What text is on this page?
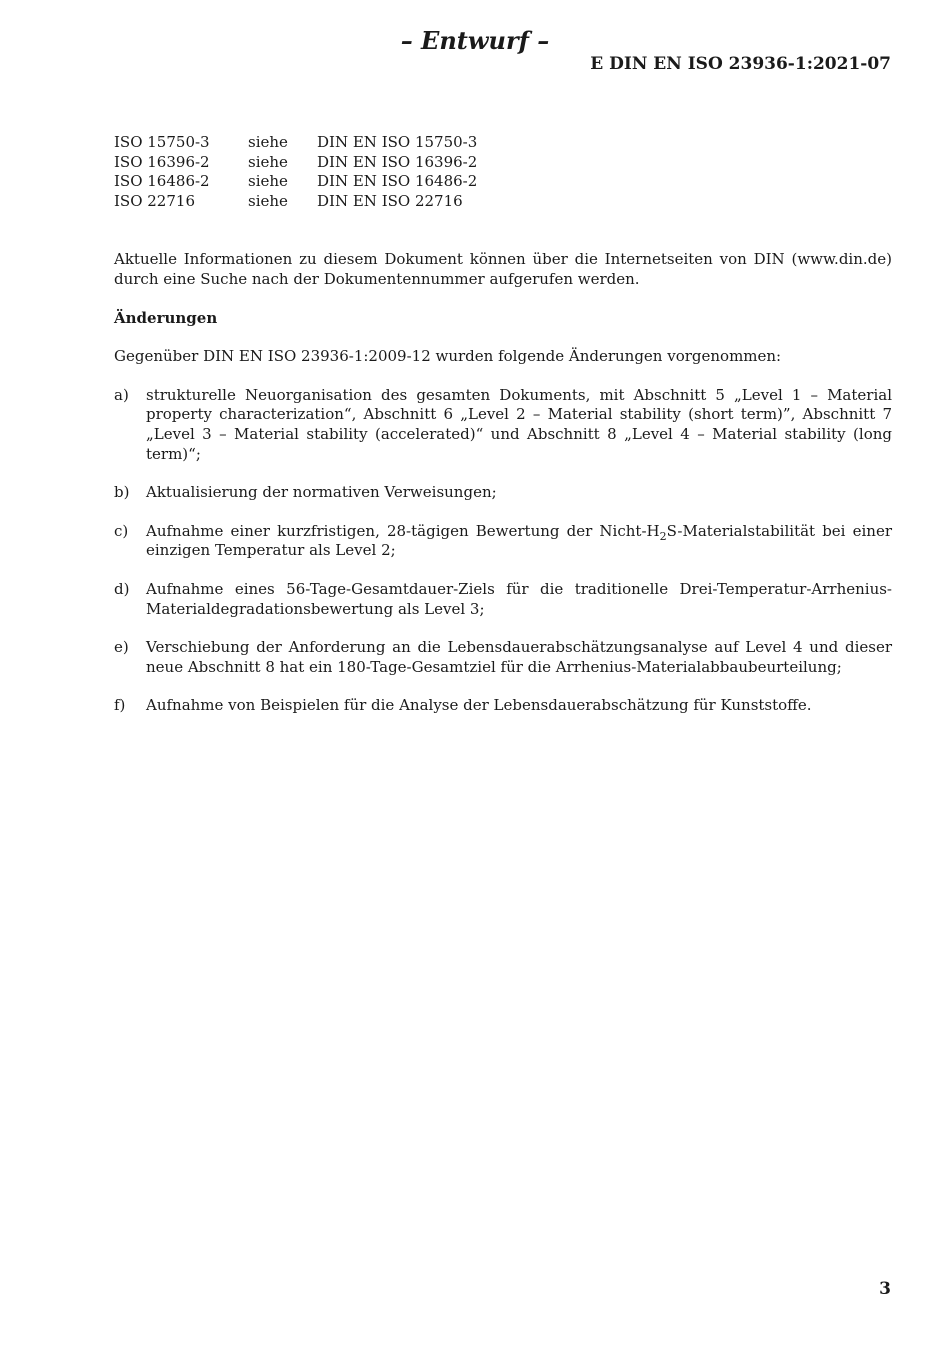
– Entwurf –
E DIN EN ISO 23936-1:2021-07
ISO 15750-3	siehe	DIN EN ISO 15750-3
ISO 16396-2	siehe	DIN EN ISO 16396-2
ISO 16486-2	siehe	DIN EN ISO 16486-2
ISO 22716	siehe	DIN EN ISO 22716

Aktuelle Informationen zu diesem Dokument können über die Internetseiten von DIN (www.din.de) durch eine Suche nach der Dokumentennummer aufgerufen werden.

Änderungen

Gegenüber DIN EN ISO 23936-1:2009-12 wurden folgende Änderungen vorgenommen:

a) strukturelle Neuorganisation des gesamten Dokuments, mit Abschnitt 5 „Level 1 – Material property characterization“, Abschnitt 6 „Level 2 – Material stability (short term)”, Abschnitt 7 „Level 3 – Material stability (accelerated)“ und Abschnitt 8 „Level 4 – Material stability (long term)“;
b) Aktualisierung der normativen Verweisungen;
c) Aufnahme einer kurzfristigen, 28-tägigen Bewertung der Nicht-$H_2S$-Materialstabilität bei einer einzigen Temperatur als Level 2;
d) Aufnahme eines 56-Tage-Gesamtdauer-Ziels für die traditionelle Drei-Temperatur-Arrhenius-Materialdegradationsbewertung als Level 3;
e) Verschiebung der Anforderung an die Lebensdauerabschätzungsanalyse auf Level 4 und dieser neue Abschnitt 8 hat ein 180-Tage-Gesamtziel für die Arrhenius-Materialabbaubeurteilung;
f) Aufnahme von Beispielen für die Analyse der Lebensdauerabschätzung für Kunststoffe.
3
